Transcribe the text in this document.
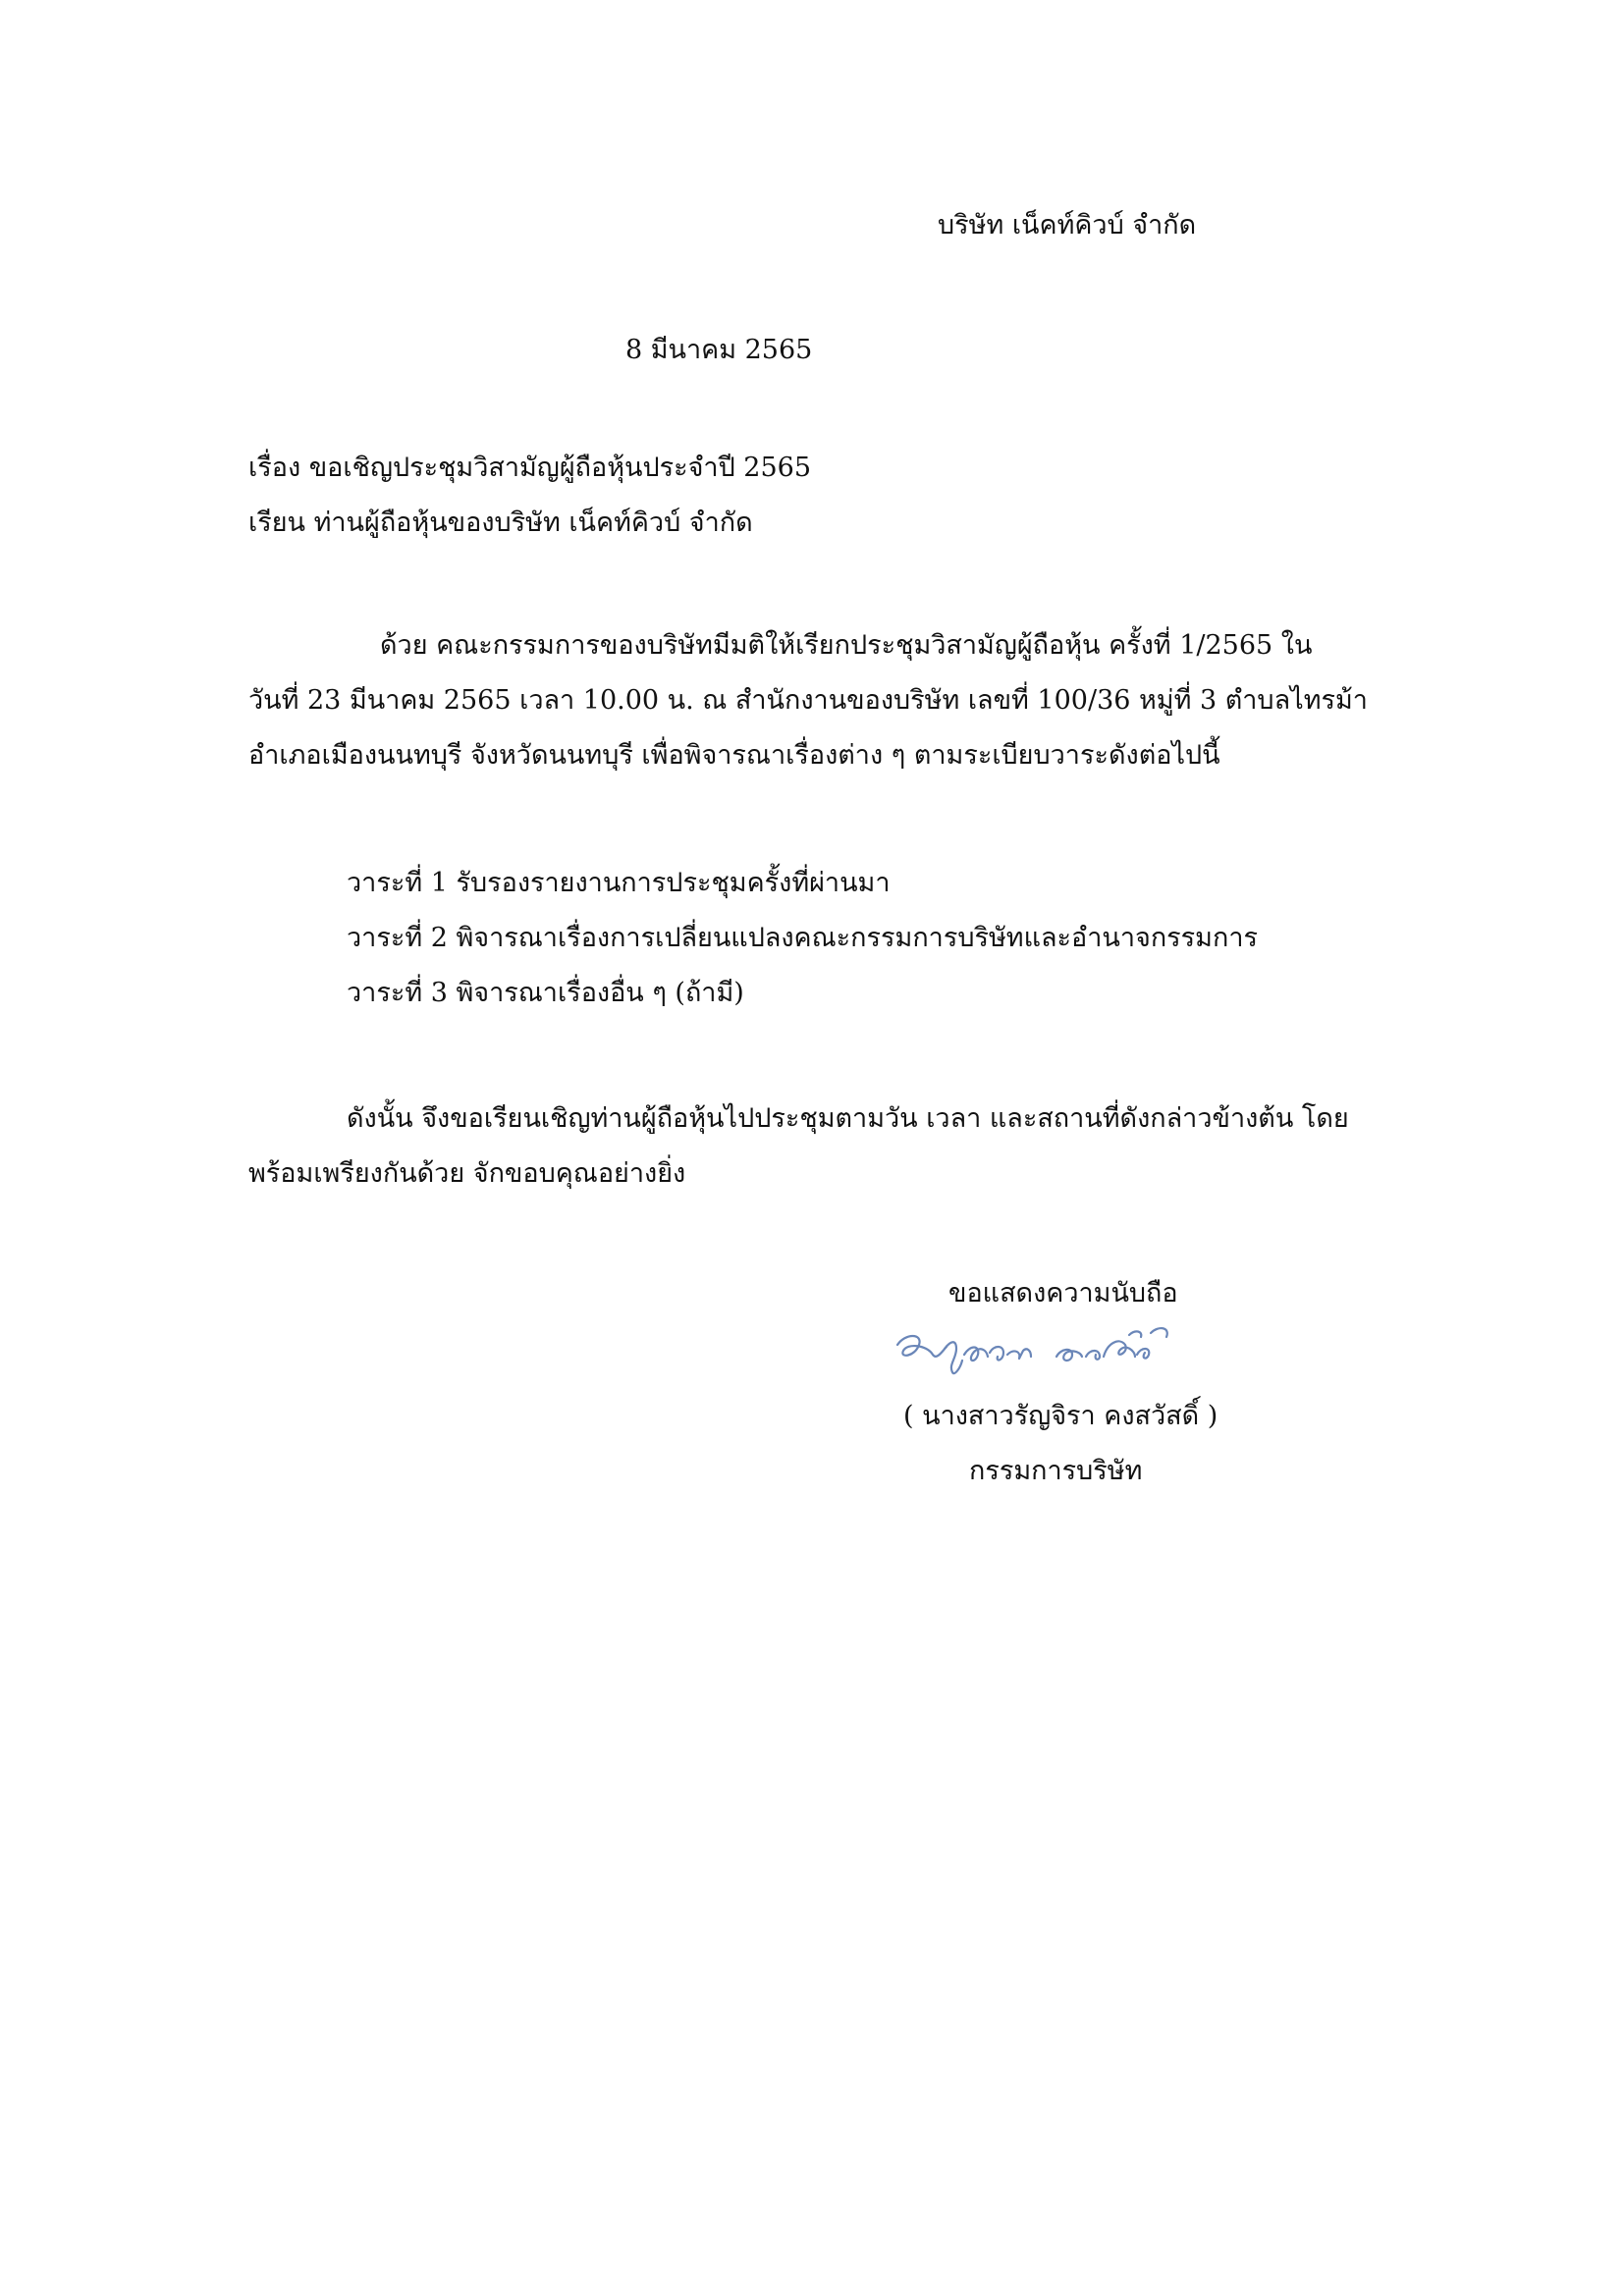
บริษัท เน็คท์คิวบ์ จำกัด
8 มีนาคม 2565
เรื่อง ขอเชิญประชุมวิสามัญผู้ถือหุ้นประจำปี 2565
เรียน ท่านผู้ถือหุ้นของบริษัท เน็คท์คิวบ์ จำกัด
ด้วย คณะกรรมการของบริษัทมีมติให้เรียกประชุมวิสามัญผู้ถือหุ้น ครั้งที่ 1/2565 ใน
วันที่ 23 มีนาคม 2565 เวลา 10.00 น. ณ สำนักงานของบริษัท เลขที่ 100/36 หมู่ที่ 3 ตำบลไทรม้า
อำเภอเมืองนนทบุรี จังหวัดนนทบุรี เพื่อพิจารณาเรื่องต่าง ๆ ตามระเบียบวาระดังต่อไปนี้
วาระที่ 1 รับรองรายงานการประชุมครั้งที่ผ่านมา
วาระที่ 2 พิจารณาเรื่องการเปลี่ยนแปลงคณะกรรมการบริษัทและอำนาจกรรมการ
วาระที่ 3 พิจารณาเรื่องอื่น ๆ (ถ้ามี)
ดังนั้น จึงขอเรียนเชิญท่านผู้ถือหุ้นไปประชุมตามวัน เวลา และสถานที่ดังกล่าวข้างต้น โดย
พร้อมเพรียงกันด้วย จักขอบคุณอย่างยิ่ง
ขอแสดงความนับถือ
( นางสาวรัญจิรา คงสวัสดิ์ )
กรรมการบริษัท
